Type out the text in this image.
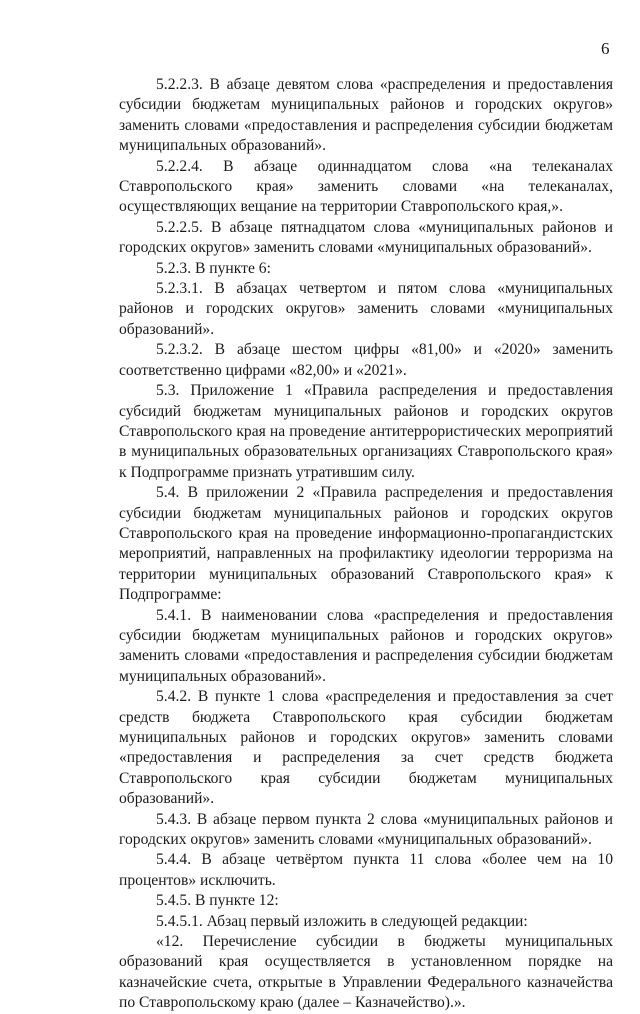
6

5.2.2.3. В абзаце девятом слова «распределения и предоставления субсидии бюджетам муниципальных районов и городских округов» заменить словами «предоставления и распределения субсидии бюджетам муниципальных образований».

5.2.2.4. В абзаце одиннадцатом слова «на телеканалах Ставропольского края» заменить словами «на телеканалах, осуществляющих вещание на территории Ставропольского края,».

5.2.2.5. В абзаце пятнадцатом слова «муниципальных районов и городских округов» заменить словами «муниципальных образований».

5.2.3. В пункте 6:

5.2.3.1. В абзацах четвертом и пятом слова «муниципальных районов и городских округов» заменить словами «муниципальных образований».

5.2.3.2. В абзаце шестом цифры «81,00» и «2020» заменить соответственно цифрами «82,00» и «2021».

5.3. Приложение 1 «Правила распределения и предоставления субсидий бюджетам муниципальных районов и городских округов Ставропольского края на проведение антитеррористических мероприятий в муниципальных образовательных организациях Ставропольского края» к Подпрограмме признать утратившим силу.

5.4. В приложении 2 «Правила распределения и предоставления субсидии бюджетам муниципальных районов и городских округов Ставропольского края на проведение информационно-пропагандистских мероприятий, направленных на профилактику идеологии терроризма на территории муниципальных образований Ставропольского края» к Подпрограмме:

5.4.1. В наименовании слова «распределения и предоставления субсидии бюджетам муниципальных районов и городских округов» заменить словами «предоставления и распределения субсидии бюджетам муниципальных образований».

5.4.2. В пункте 1 слова «распределения и предоставления за счет средств бюджета Ставропольского края субсидии бюджетам муниципальных районов и городских округов» заменить словами «предоставления и распределения за счет средств бюджета Ставропольского края субсидии бюджетам муниципальных образований».

5.4.3. В абзаце первом пункта 2 слова «муниципальных районов и городских округов» заменить словами «муниципальных образований».

5.4.4. В абзаце четвёртом пункта 11 слова «более чем на 10 процентов» исключить.

5.4.5. В пункте 12:

5.4.5.1. Абзац первый изложить в следующей редакции:

«12. Перечисление субсидии в бюджеты муниципальных образований края осуществляется в установленном порядке на казначейские счета, открытые в Управлении Федерального казначейства по Ставропольскому краю (далее – Казначейство).».
